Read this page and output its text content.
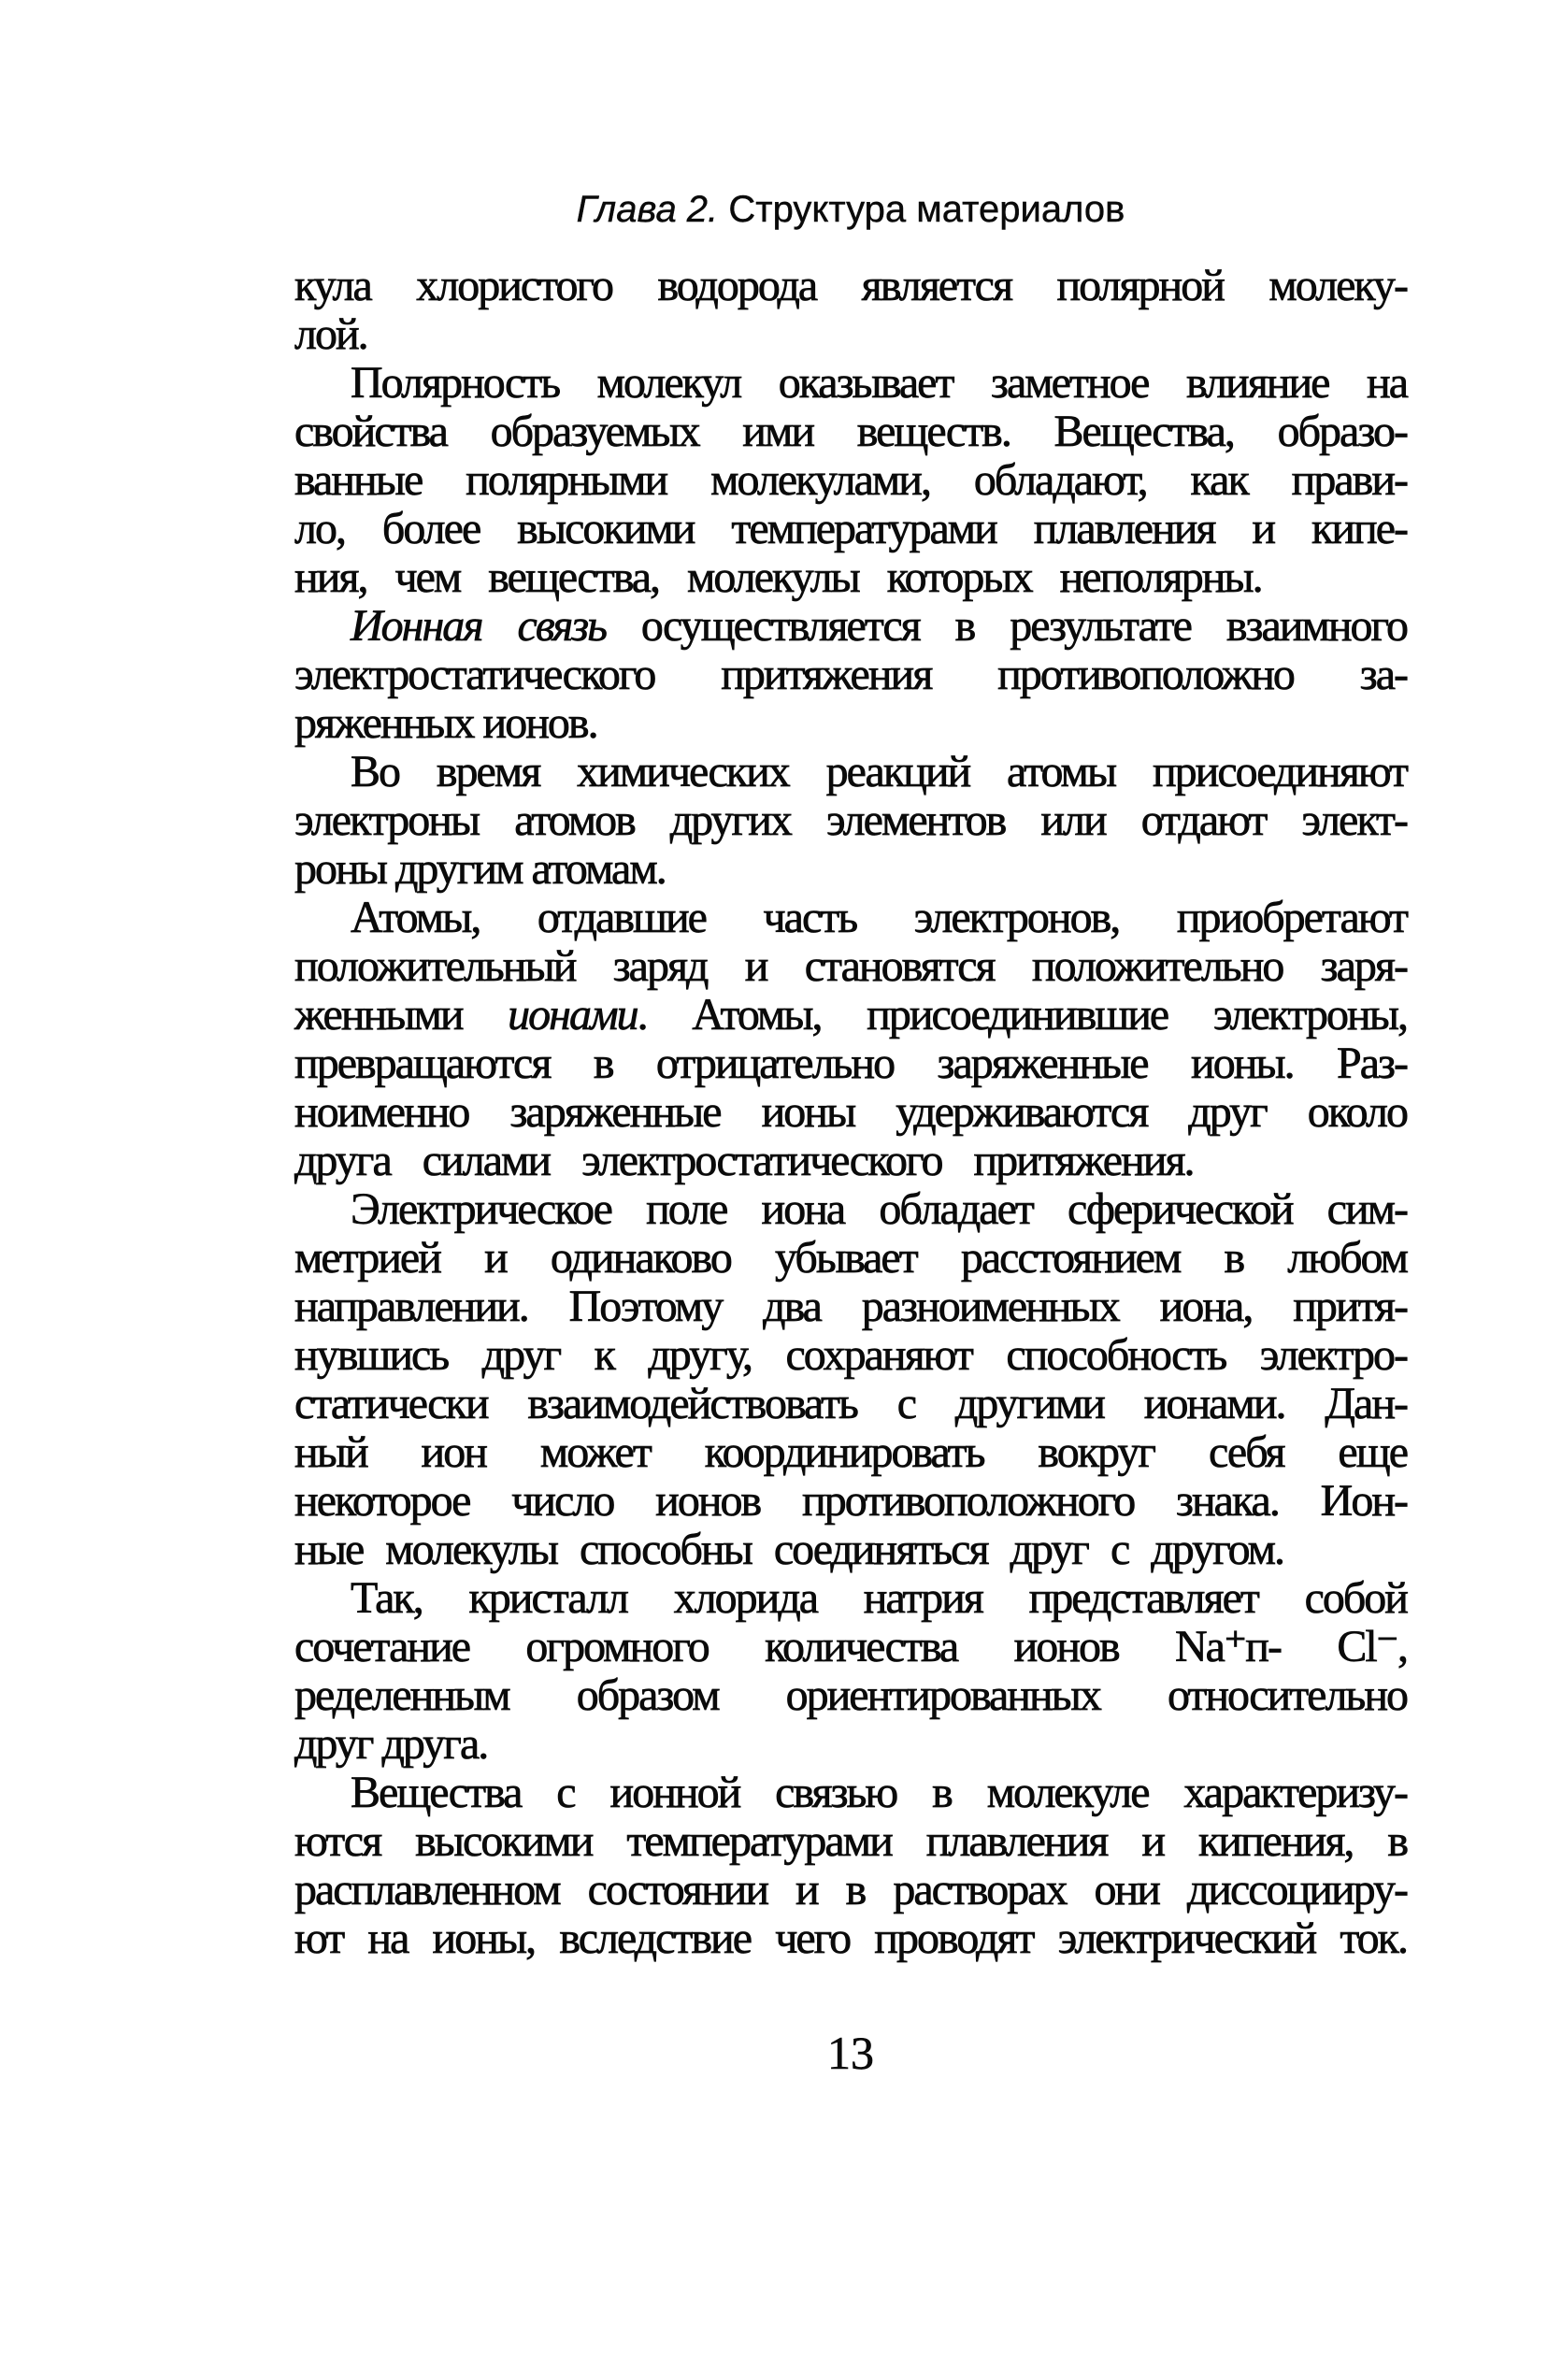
Глава 2. Структура материалов
кула хлористого водорода является полярной молеку-
лой.
Полярность молекул оказывает заметное влияние на
свойства образуемых ими веществ. Вещества, образо-
ванные полярными молекулами, обладают, как прави-
ло, более высокими температурами плавления и кипе-
ния, чем вещества, молекулы которых неполярны.
Ионная связь осуществляется в результате взаимного
электростатического притяжения противоположно за-
ряженных ионов.
Во время химических реакций атомы присоединяют
электроны атомов других элементов или отдают элект-
роны другим атомам.
Атомы, отдавшие часть электронов, приобретают
положительный заряд и становятся положительно заря-
женными ионами. Атомы, присоединившие электроны,
превращаются в отрицательно заряженные ионы. Раз-
ноименно заряженные ионы удерживаются друг около
друга силами электростатического притяжения.
Электрическое поле иона обладает сферической сим-
метрией и одинаково убывает расстоянием в любом
направлении. Поэтому два разноименных иона, притя-
нувшись друг к другу, сохраняют способность электро-
статически взаимодействовать с другими ионами. Дан-
ный ион может координировать вокруг себя еще
некоторое число ионов противоположного знака. Ион-
ные молекулы способны соединяться друг с другом.
Так, кристалл хлорида натрия представляет собой
сочетание огромного количества ионов Nа⁺п- Cl⁻,
ределенным образом ориентированных относительно
друг друга.
Вещества с ионной связью в молекуле характеризу-
ются высокими температурами плавления и кипения, в
расплавленном состоянии и в растворах они диссоцииру-
ют на ионы, вследствие чего проводят электрический ток.
13
